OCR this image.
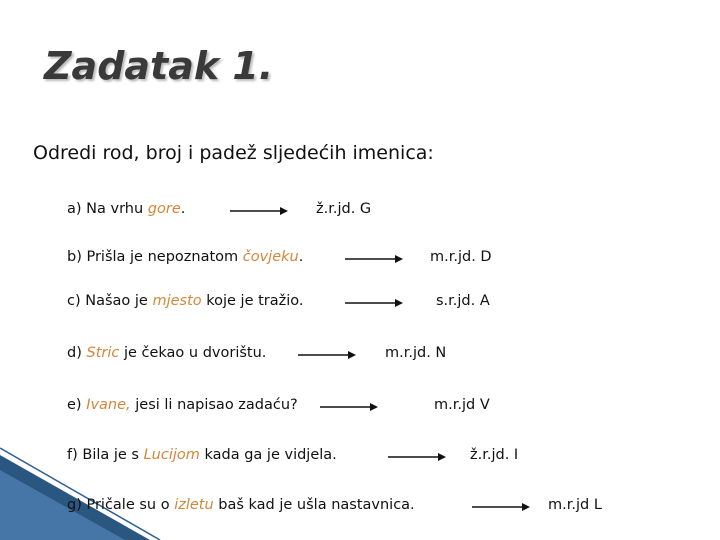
Zadatak 1.
Odredi rod, broj i padež sljedećih imenica:
a) Na vrhu gore.	ž.r.jd. G
b) Prišla je nepoznatom čovjeku.	m.r.jd. D
c) Našao je mjesto koje je tražio.	s.r.jd. A
d) Stric je čekao u dvorištu.	m.r.jd. N
e) Ivane, jesi li napisao zadaću?	m.r.jd V
f) Bila je s Lucijom kada ga je vidjela.	ž.r.jd. I
g) Pričale su o izletu baš kad je ušla nastavnica.	m.r.jd L
